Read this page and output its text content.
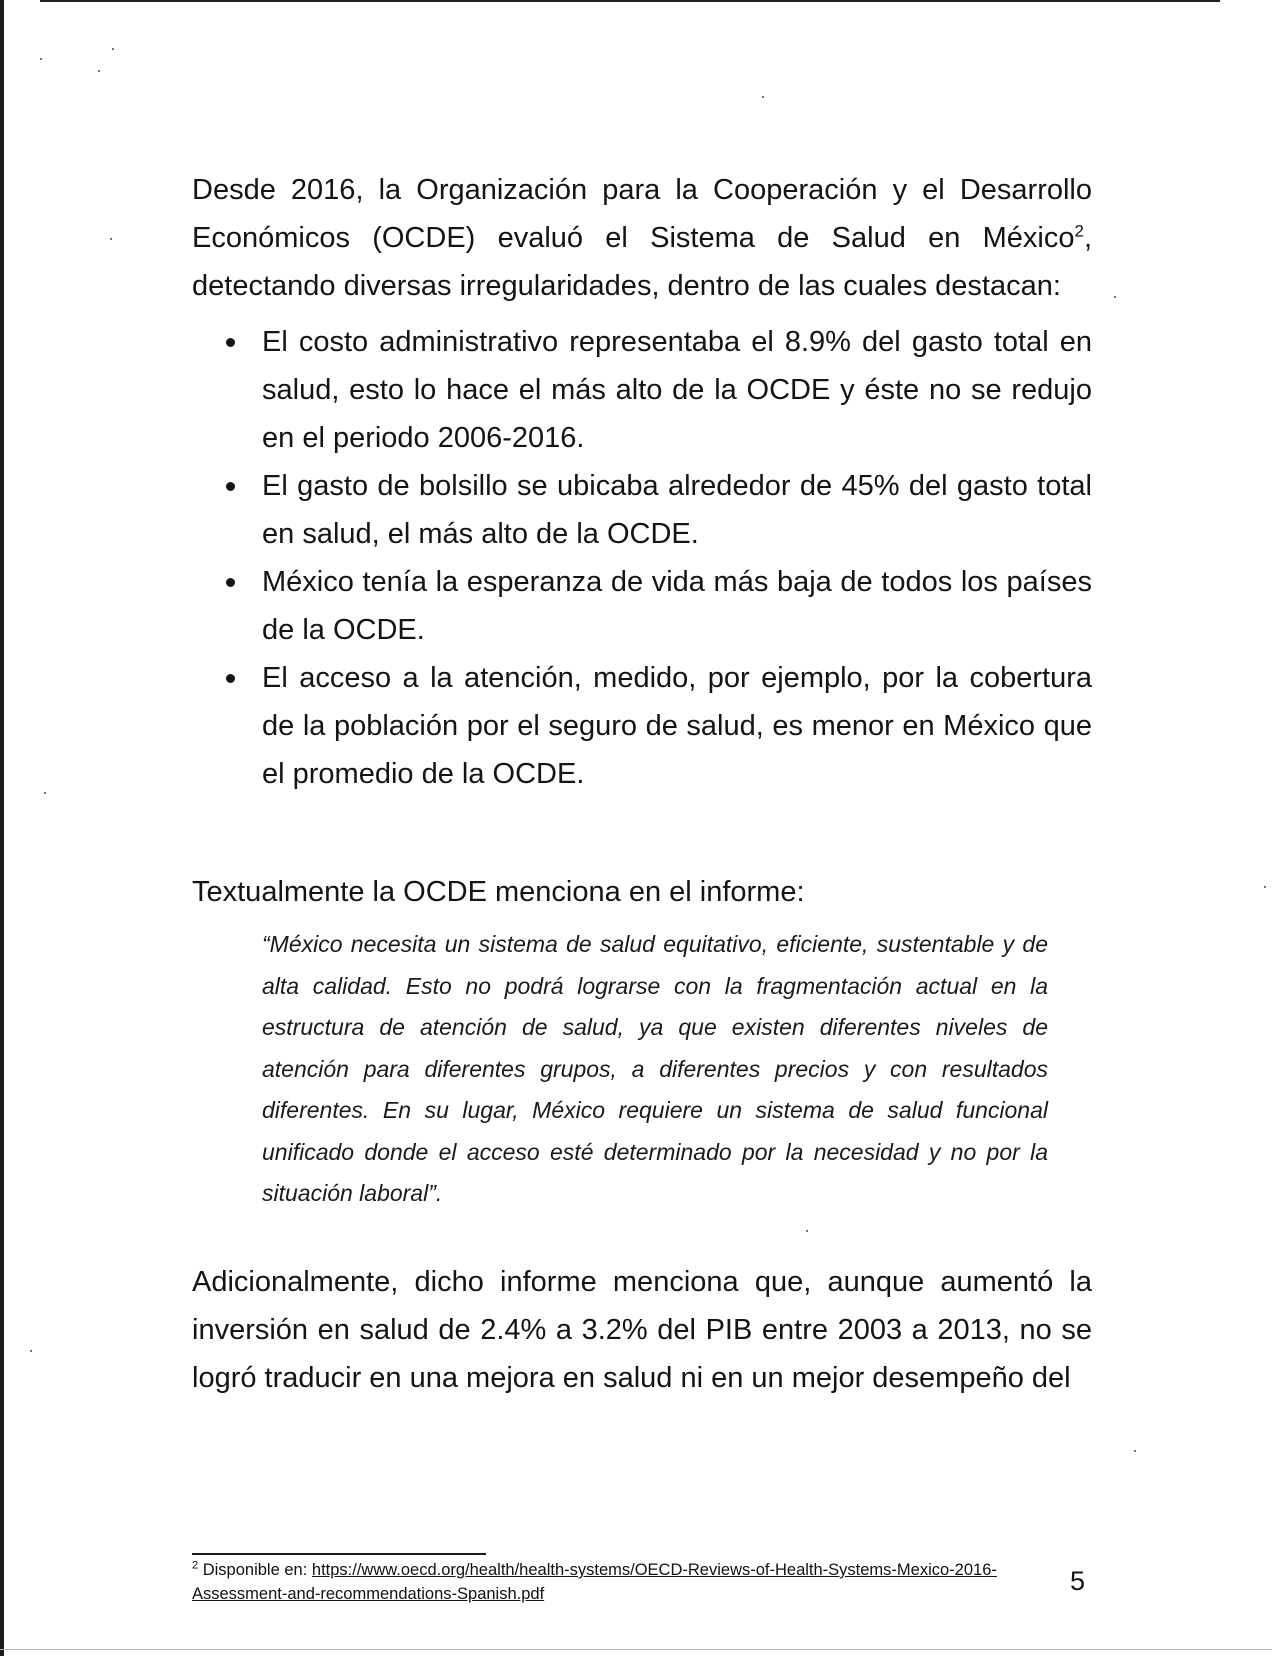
Desde 2016, la Organización para la Cooperación y el Desarrollo Económicos (OCDE) evaluó el Sistema de Salud en México$^2$, detectando diversas irregularidades, dentro de las cuales destacan:

El costo administrativo representaba el 8.9% del gasto total en salud, esto lo hace el más alto de la OCDE y éste no se redujo en el periodo 2006-2016.
El gasto de bolsillo se ubicaba alrededor de 45% del gasto total en salud, el más alto de la OCDE.
México tenía la esperanza de vida más baja de todos los países de la OCDE.
El acceso a la atención, medido, por ejemplo, por la cobertura de la población por el seguro de salud, es menor en México que el promedio de la OCDE.

Textualmente la OCDE menciona en el informe:

“México necesita un sistema de salud equitativo, eficiente, sustentable y de alta calidad. Esto no podrá lograrse con la fragmentación actual en la estructura de atención de salud, ya que existen diferentes niveles de atención para diferentes grupos, a diferentes precios y con resultados diferentes. En su lugar, México requiere un sistema de salud funcional unificado donde el acceso esté determinado por la necesidad y no por la situación laboral”.

Adicionalmente, dicho informe menciona que, aunque aumentó la inversión en salud de 2.4% a 3.2% del PIB entre 2003 a 2013, no se logró traducir en una mejora en salud ni en un mejor desempeño del

$^2$ Disponible en: https://www.oecd.org/health/health-systems/OECD-Reviews-of-Health-Systems-Mexico-2016-Assessment-and-recommendations-Spanish.pdf	5
